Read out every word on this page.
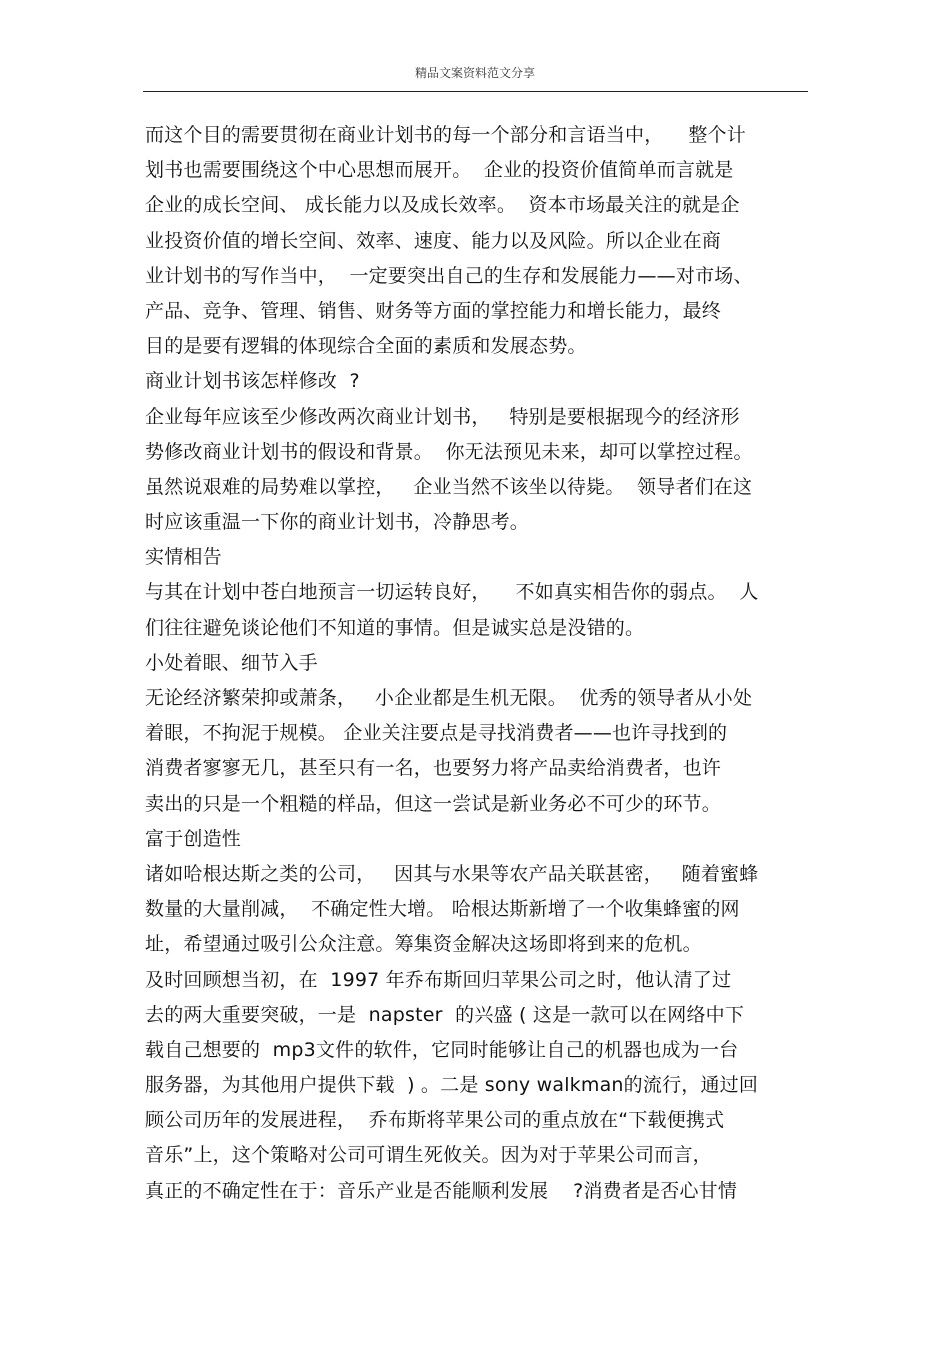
精品文案资料范文分享
而这个目的需要贯彻在商业计划书的每一个部分和言语当中，    整个计
划书也需要围绕这个中心思想而展开。  企业的投资价值简单而言就是
企业的成长空间、 成长能力以及成长效率。  资本市场最关注的就是企
业投资价值的增长空间、效率、速度、能力以及风险。所以企业在商
业计划书的写作当中，  一定要突出自己的生存和发展能力——对市场、
产品、竞争、管理、销售、财务等方面的掌控能力和增长能力，最终
目的是要有逻辑的体现综合全面的素质和发展态势。
商业计划书该怎样修改  ?
企业每年应该至少修改两次商业计划书，   特别是要根据现今的经济形
势修改商业计划书的假设和背景。  你无法预见未来，却可以掌控过程。
虽然说艰难的局势难以掌控，   企业当然不该坐以待毙。  领导者们在这
时应该重温一下你的商业计划书，冷静思考。
实情相告
与其在计划中苍白地预言一切运转良好，    不如真实相告你的弱点。  人
们往往避免谈论他们不知道的事情。但是诚实总是没错的。
小处着眼、细节入手
无论经济繁荣抑或萧条，   小企业都是生机无限。  优秀的领导者从小处
着眼，不拘泥于规模。 企业关注要点是寻找消费者——也许寻找到的
消费者寥寥无几，甚至只有一名，也要努力将产品卖给消费者，也许
卖出的只是一个粗糙的样品，但这一尝试是新业务必不可少的环节。
富于创造性
诸如哈根达斯之类的公司，   因其与水果等农产品关联甚密，   随着蜜蜂
数量的大量削减，  不确定性大增。 哈根达斯新增了一个收集蜂蜜的网
址，希望通过吸引公众注意。筹集资金解决这场即将到来的危机。
及时回顾想当初，在  1997 年乔布斯回归苹果公司之时，他认清了过
去的两大重要突破，一是  napster  的兴盛 ( 这是一款可以在网络中下
载自己想要的  mp3文件的软件，它同时能够让自己的机器也成为一台
服务器，为其他用户提供下载  ) 。二是 sony walkman的流行，通过回
顾公司历年的发展进程，  乔布斯将苹果公司的重点放在“下载便携式
音乐”上，这个策略对公司可谓生死攸关。因为对于苹果公司而言，
真正的不确定性在于：音乐产业是否能顺利发展    ?消费者是否心甘情
